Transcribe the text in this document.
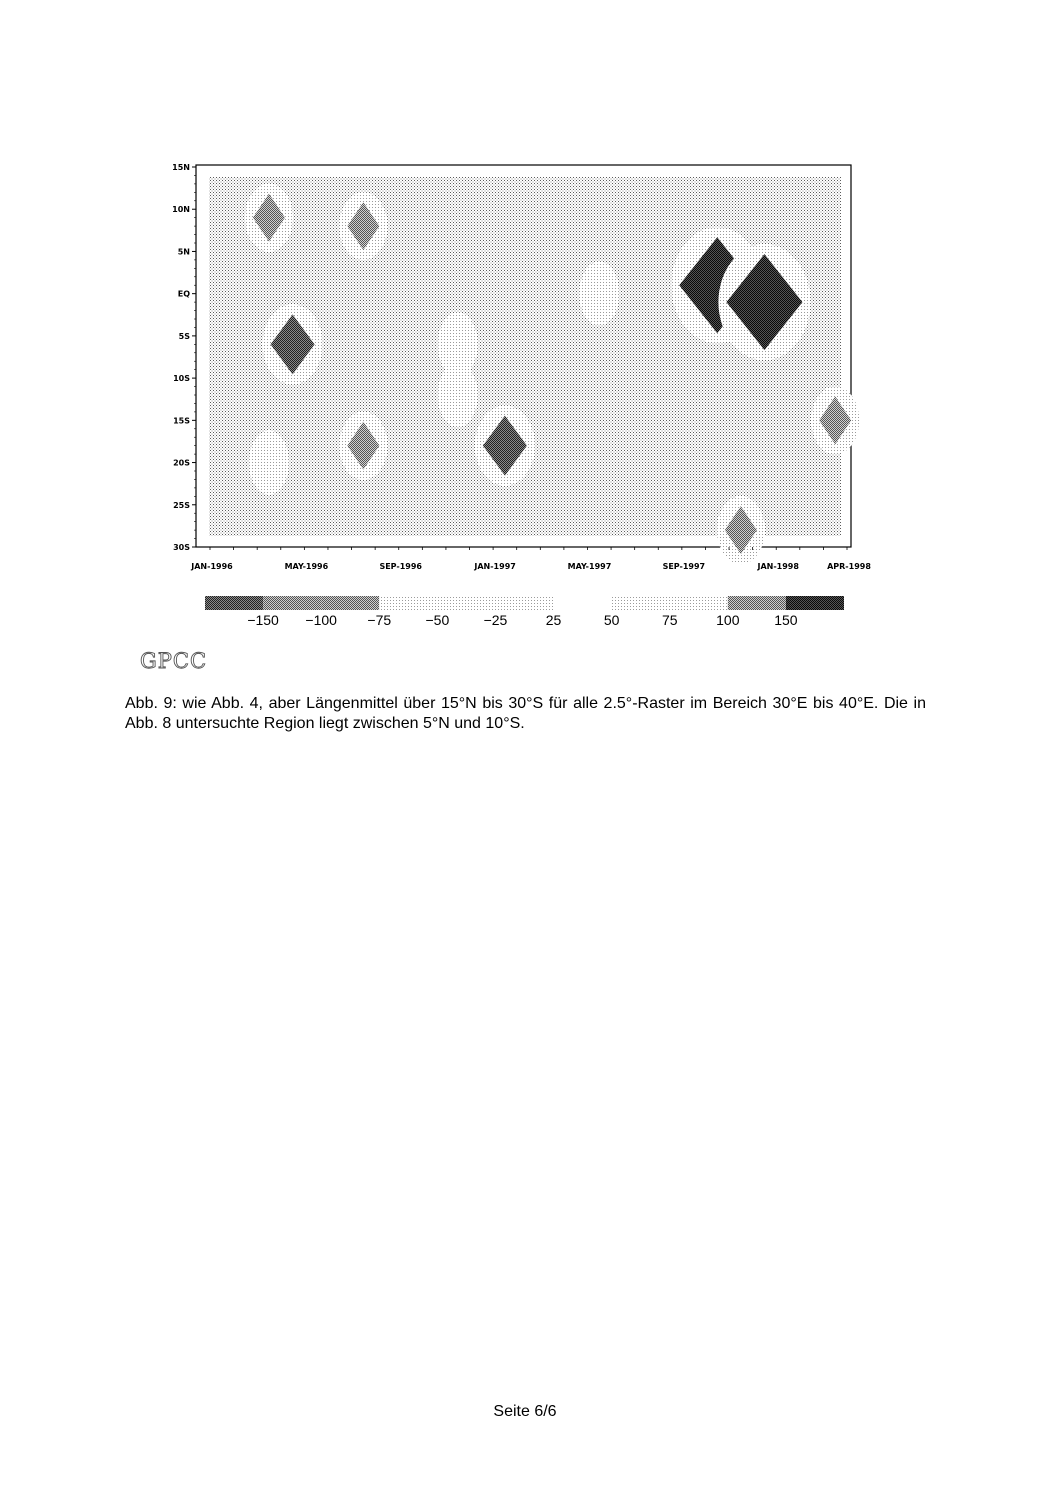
15N
10N
5N
EQ
5S
10S
15S
20S
25S
30S
JAN-1996	MAY-1996	SEP-1996	JAN-1997	MAY-1997	SEP-1997	JAN-1998	APR-1998
−150 −100 −75 −50 −25	25	50	75	100 150
GPCC
Abb. 9: wie Abb. 4, aber Längenmittel über 15°N bis 30°S für alle 2.5°-Raster im Bereich 30°E bis 40°E. Die in Abb. 8 untersuchte Region liegt zwischen 5°N und 10°S.
Seite 6/6
